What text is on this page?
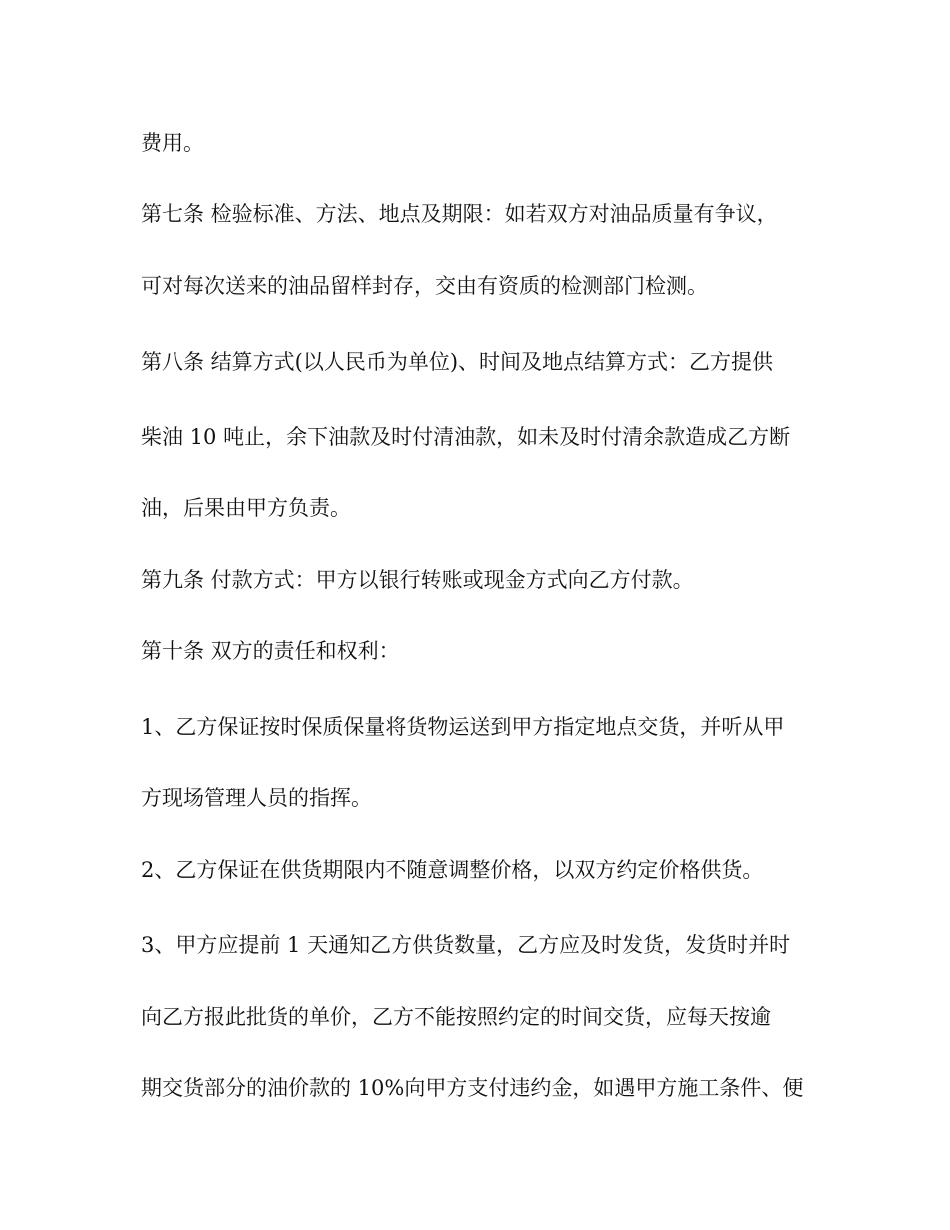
费用。

第七条 检验标准、方法、地点及期限：如若双方对油品质量有争议，

可对每次送来的油品留样封存，交由有资质的检测部门检测。

第八条 结算方式(以人民币为单位)、时间及地点结算方式：乙方提供

柴油 10 吨止，余下油款及时付清油款，如未及时付清余款造成乙方断

油，后果由甲方负责。

第九条 付款方式：甲方以银行转账或现金方式向乙方付款。

第十条 双方的责任和权利：

1、乙方保证按时保质保量将货物运送到甲方指定地点交货，并听从甲

方现场管理人员的指挥。

2、乙方保证在供货期限内不随意调整价格，以双方约定价格供货。

3、甲方应提前 1 天通知乙方供货数量，乙方应及时发货，发货时并时

向乙方报此批货的单价，乙方不能按照约定的时间交货，应每天按逾

期交货部分的油价款的 10%向甲方支付违约金，如遇甲方施工条件、便
